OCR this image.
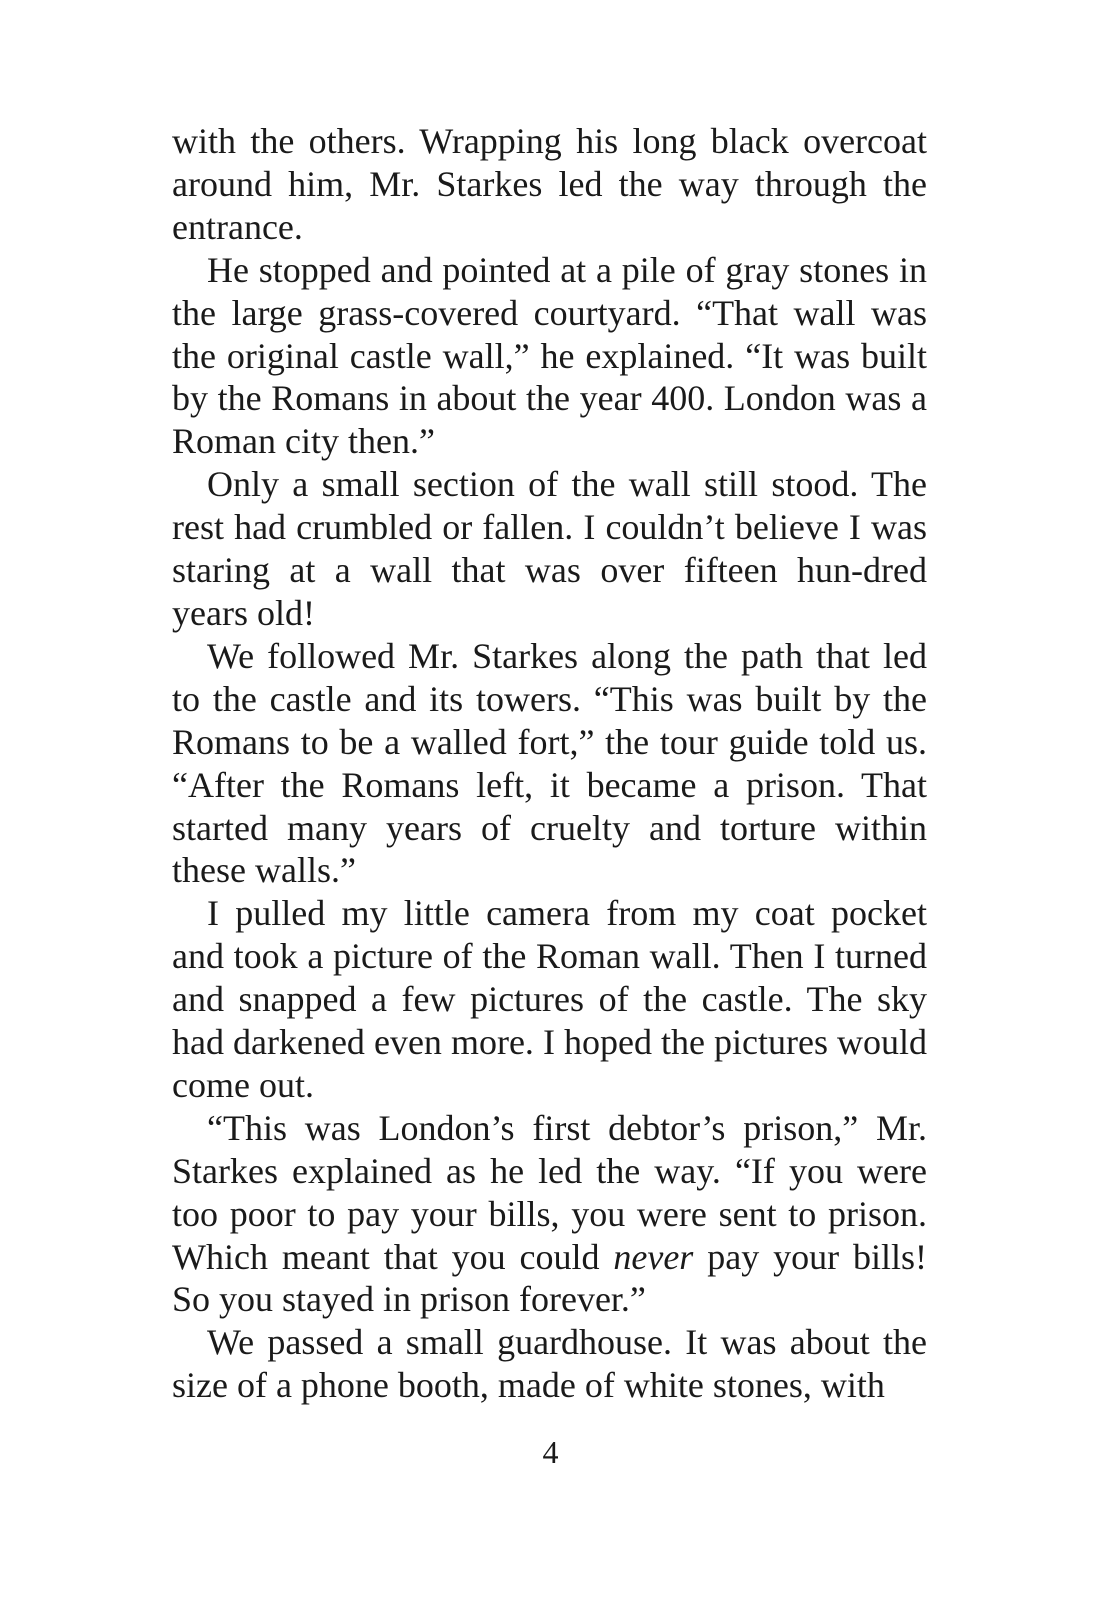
with the others. Wrapping his long black overcoat around him, Mr. Starkes led the way through the entrance.

He stopped and pointed at a pile of gray stones in the large grass-covered courtyard. “That wall was the original castle wall,” he explained. “It was built by the Romans in about the year 400. London was a Roman city then.”

Only a small section of the wall still stood. The rest had crumbled or fallen. I couldn’t believe I was staring at a wall that was over fifteen hun-dred years old!

We followed Mr. Starkes along the path that led to the castle and its towers. “This was built by the Romans to be a walled fort,” the tour guide told us. “After the Romans left, it became a prison. That started many years of cruelty and torture within these walls.”

I pulled my little camera from my coat pocket and took a picture of the Roman wall. Then I turned and snapped a few pictures of the castle. The sky had darkened even more. I hoped the pictures would come out.

“This was London’s first debtor’s prison,” Mr. Starkes explained as he led the way. “If you were too poor to pay your bills, you were sent to prison. Which meant that you could never pay your bills! So you stayed in prison forever.”

We passed a small guardhouse. It was about the size of a phone booth, made of white stones, with

4
